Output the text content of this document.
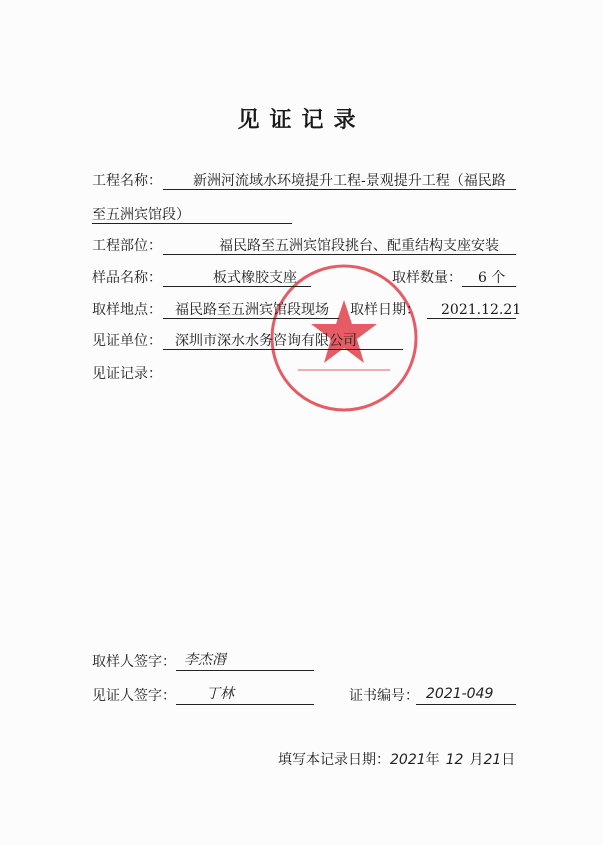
见证记录
工程名称：	新洲河流域水环境提升工程-景观提升工程（福民路
至五洲宾馆段）
工程部位：	福民路至五洲宾馆段挑台、配重结构支座安装
样品名称：	板式橡胶支座	取样数量：	6 个
取样地点： 福民路至五洲宾馆段现场	取样日期：	2021.12.21
见证单位： 深圳市深水水务咨询有限公司
见证记录：
取样人签字： 李杰湣
见证人签字：	丁林	证书编号： 2021-049
填写本记录日期：2021年 12 月21日
